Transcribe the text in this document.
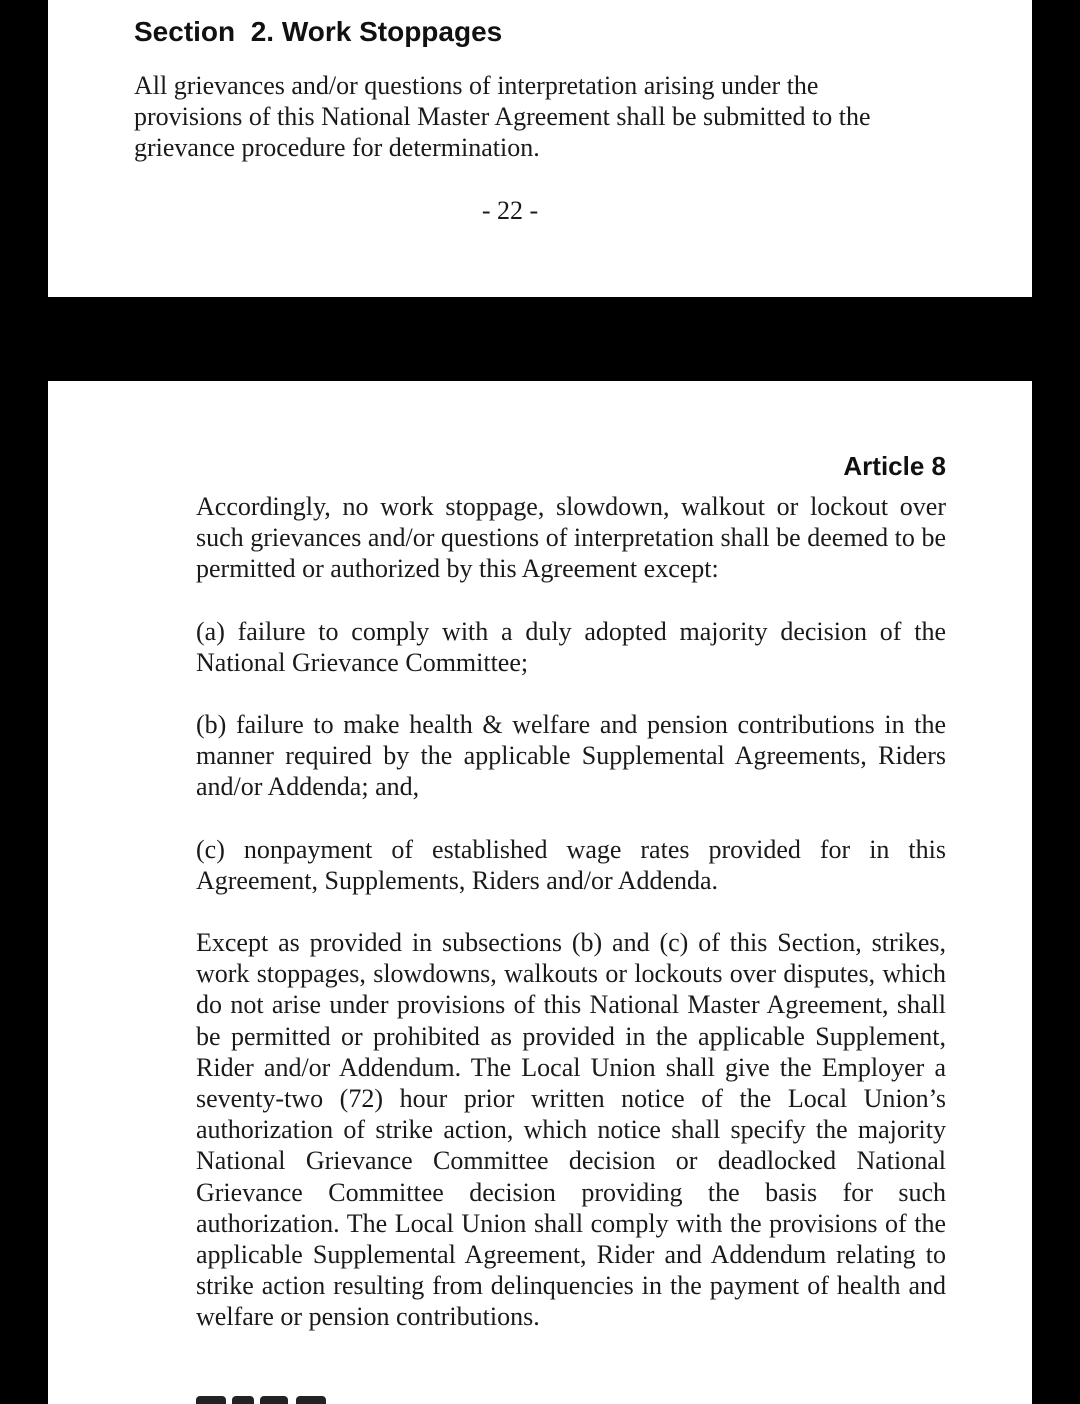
Section  2. Work Stoppages

All grievances and/or questions of interpretation arising under the provisions of this National Master Agreement shall be submitted to the grievance procedure for determination.

- 22 -
Article 8

Accordingly, no work stoppage, slowdown, walkout or lockout over such grievances and/or questions of interpretation shall be deemed to be permitted or authorized by this Agreement except:

(a) failure to comply with a duly adopted majority decision of the National Grievance Committee;

(b) failure to make health & welfare and pension contributions in the manner required by the applicable Supplemental Agreements, Riders and/or Addenda; and,

(c) nonpayment of established wage rates provided for in this Agreement, Supplements, Riders and/or Addenda.

Except as provided in subsections (b) and (c) of this Section, strikes, work stoppages, slowdowns, walkouts or lockouts over disputes, which do not arise under provisions of this National Master Agreement, shall be permitted or prohibited as provided in the applicable Supplement, Rider and/or Addendum. The Local Union shall give the Employer a seventy-two (72) hour prior written notice of the Local Union’s authorization of strike action, which notice shall specify the majority National Grievance Committee decision or deadlocked National Grievance Committee decision providing the basis for such authorization. The Local Union shall comply with the provisions of the applicable Supplemental Agreement, Rider and Addendum relating to strike action resulting from delinquencies in the payment of health and welfare or pension contributions.
